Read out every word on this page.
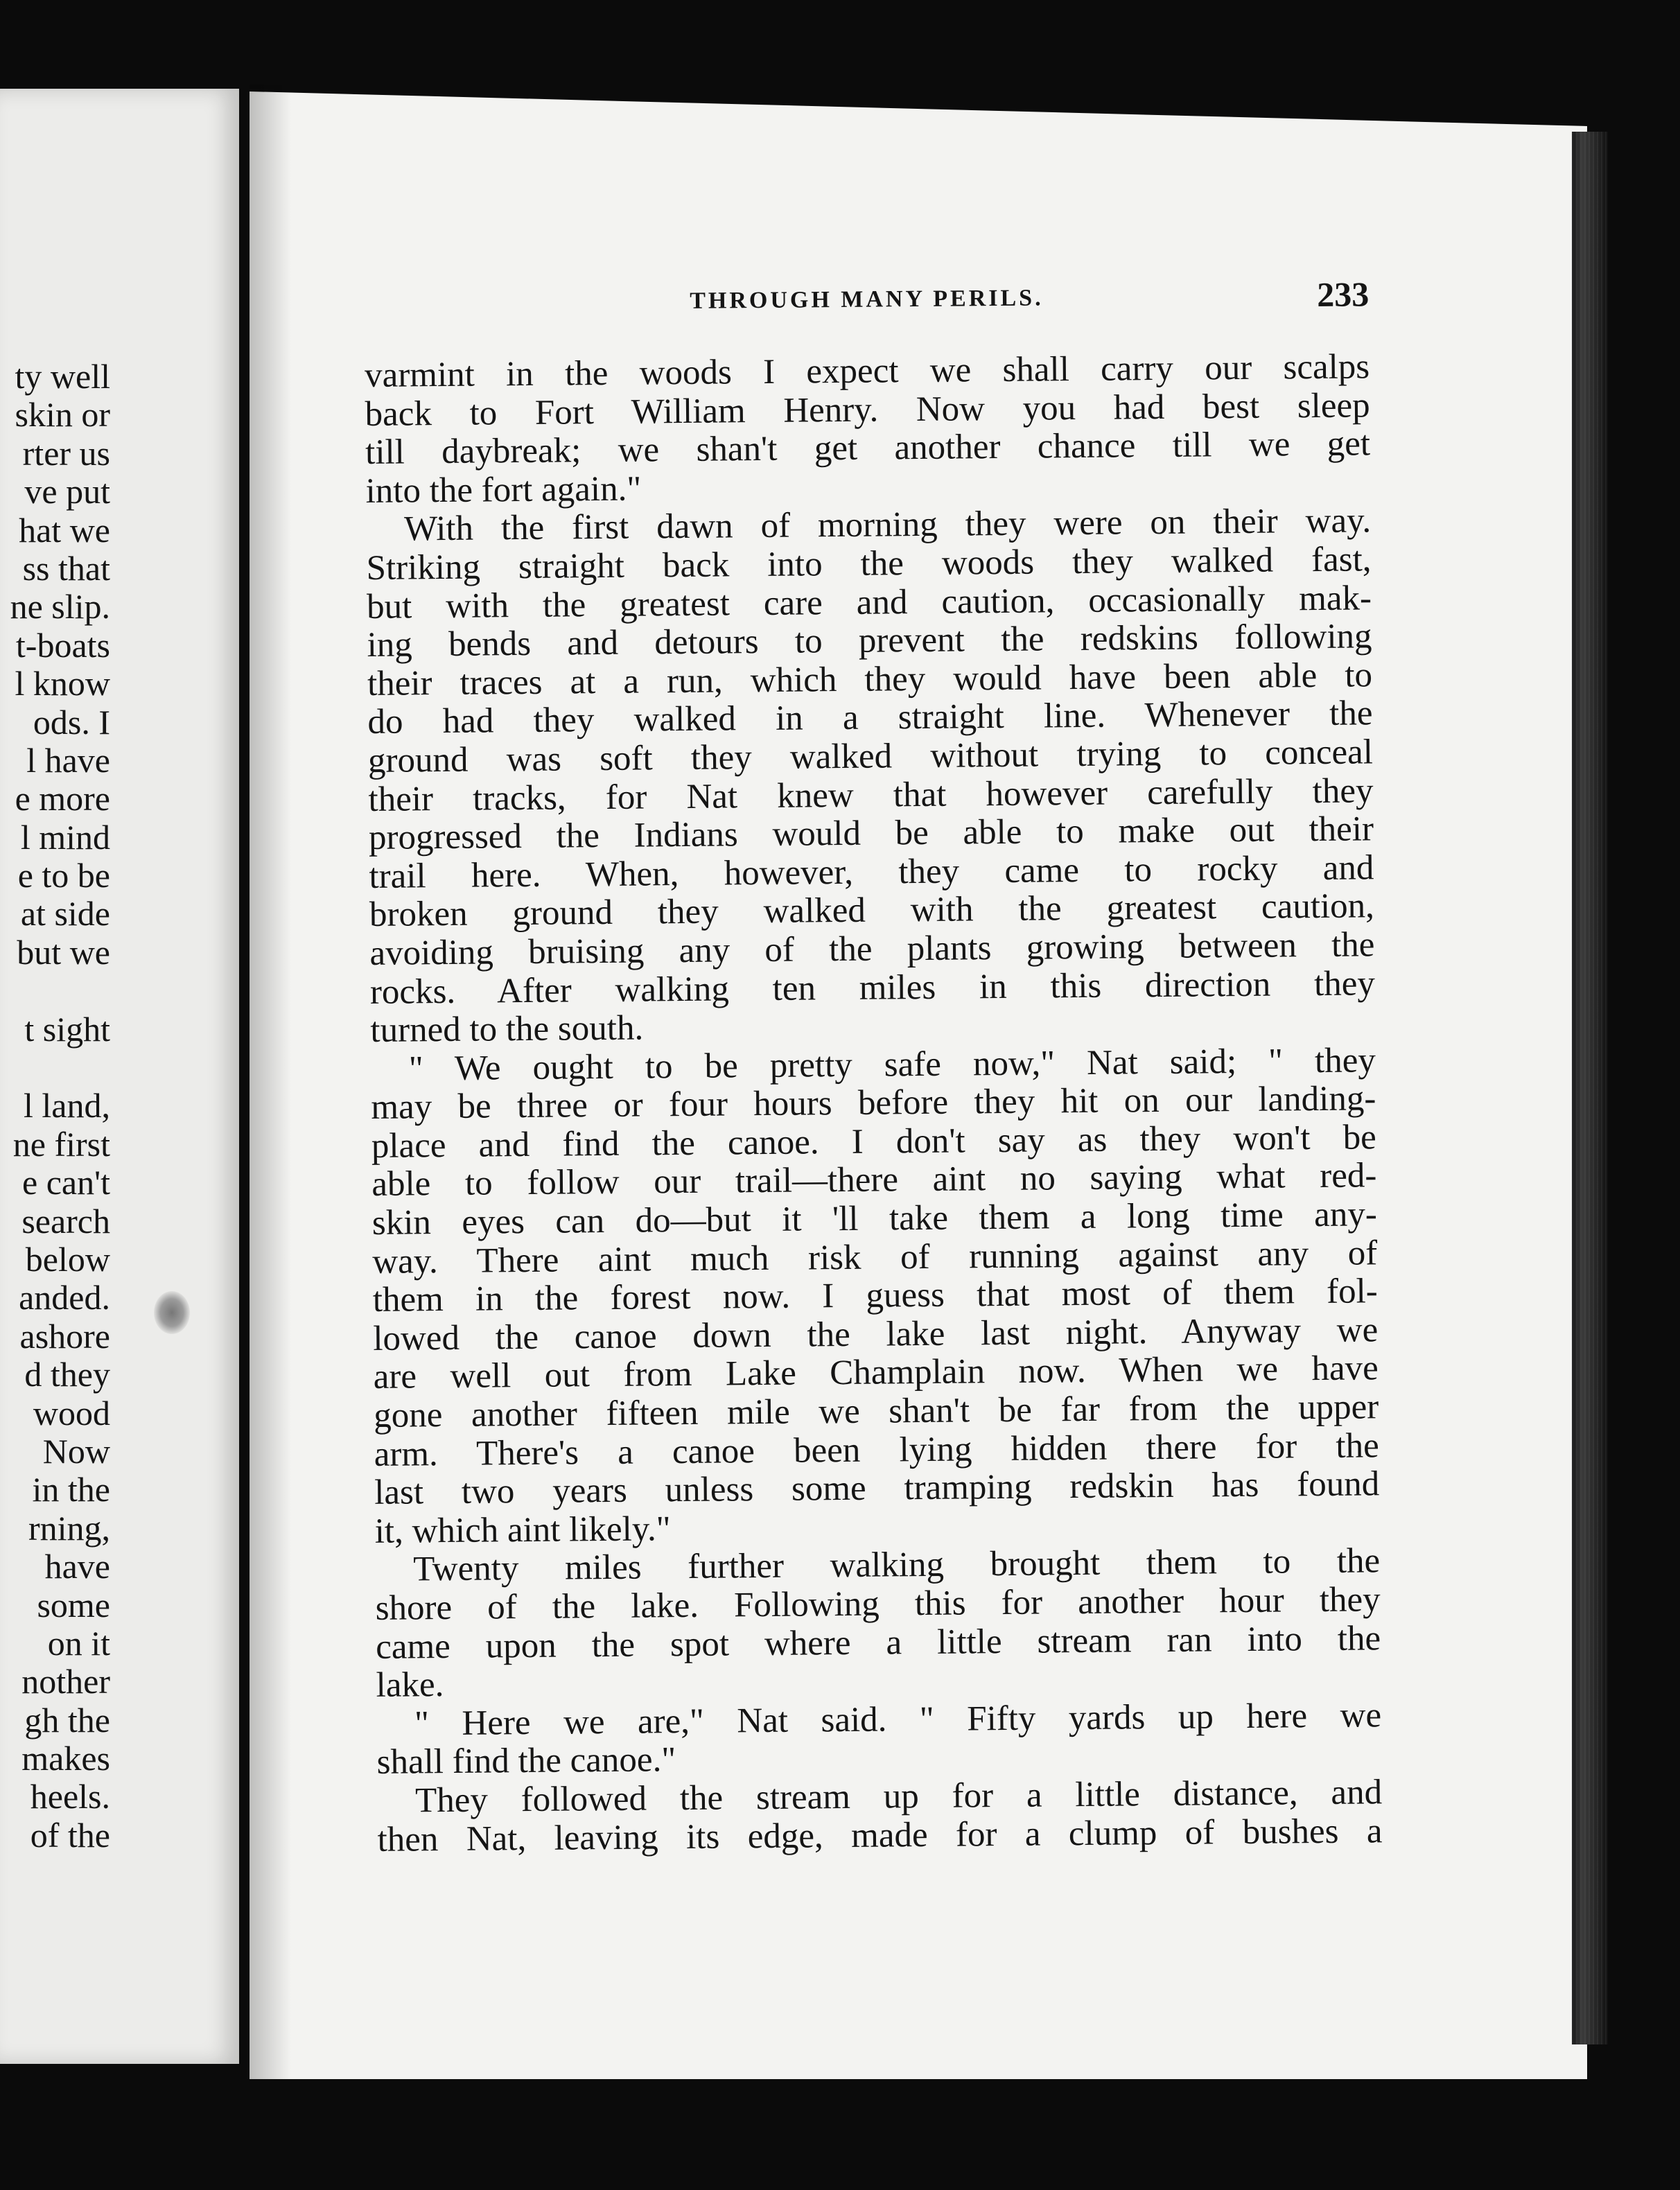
ty well
skin or
rter us
ve put
hat we
ss that
ne slip.
t-boats
l know
ods. I
l have
e more
l mind
e to be
at side
but we
t sight
l land,
ne first
e can't
search
below
anded.
ashore
d they
wood
Now
in the
rning,
have
some
on it
nother
gh the
makes
heels.
of the
THROUGH MANY PERILS.	233
varmint in the woods I expect we shall carry our scalps
back to Fort William Henry. Now you had best sleep
till daybreak; we shan't get another chance till we get
into the fort again."
With the first dawn of morning they were on their way.
Striking straight back into the woods they walked fast,
but with the greatest care and caution, occasionally mak-
ing bends and detours to prevent the redskins following
their traces at a run, which they would have been able to
do had they walked in a straight line. Whenever the
ground was soft they walked without trying to conceal
their tracks, for Nat knew that however carefully they
progressed the Indians would be able to make out their
trail here. When, however, they came to rocky and
broken ground they walked with the greatest caution,
avoiding bruising any of the plants growing between the
rocks. After walking ten miles in this direction they
turned to the south.
" We ought to be pretty safe now," Nat said; " they
may be three or four hours before they hit on our landing-
place and find the canoe. I don't say as they won't be
able to follow our trail—there aint no saying what red-
skin eyes can do—but it 'll take them a long time any-
way. There aint much risk of running against any of
them in the forest now. I guess that most of them fol-
lowed the canoe down the lake last night. Anyway we
are well out from Lake Champlain now. When we have
gone another fifteen mile we shan't be far from the upper
arm. There's a canoe been lying hidden there for the
last two years unless some tramping redskin has found
it, which aint likely."
Twenty miles further walking brought them to the
shore of the lake. Following this for another hour they
came upon the spot where a little stream ran into the
lake.
" Here we are," Nat said. " Fifty yards up here we
shall find the canoe."
They followed the stream up for a little distance, and
then Nat, leaving its edge, made for a clump of bushes a
